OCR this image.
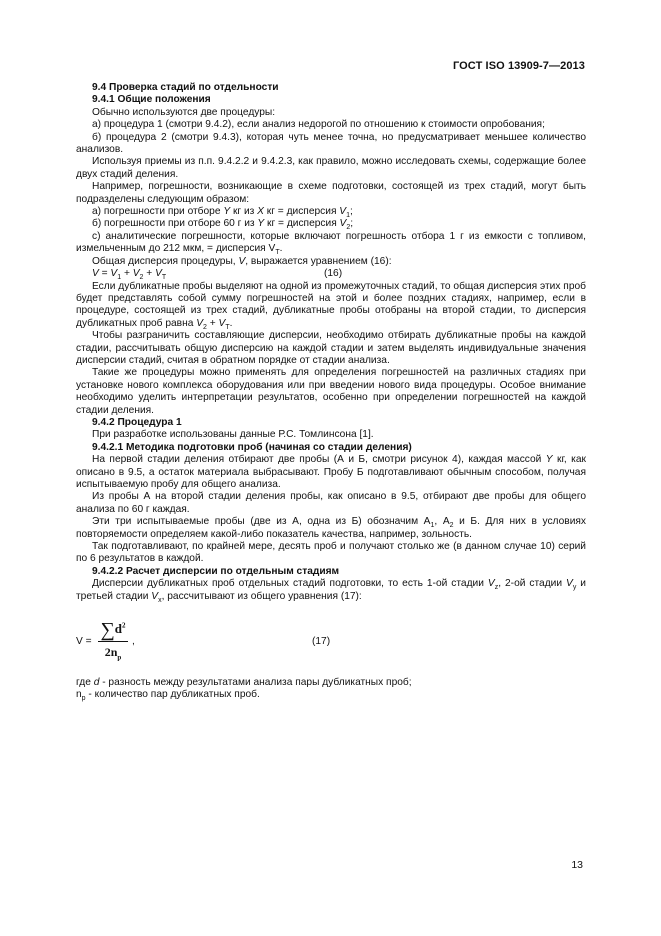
ГОСТ ISO 13909-7—2013

9.4 Проверка стадий по отдельности

9.4.1 Общие положения

Обычно используются две процедуры:

а) процедура 1 (смотри 9.4.2), если анализ недорогой по отношению к стоимости опробования;

б) процедура 2 (смотри 9.4.3), которая чуть менее точна, но предусматривает меньшее количество анализов.

Используя приемы из п.п. 9.4.2.2 и 9.4.2.3, как правило, можно исследовать схемы, содержащие более двух стадий деления.

Например, погрешности, возникающие в схеме подготовки, состоящей из трех стадий, могут быть подразделены следующим образом:

а) погрешности при отборе Y кг из X кг = дисперсия $V_1$;

б) погрешности при отборе 60 г из Y кг = дисперсия $V_2$;

с) аналитические погрешности, которые включают погрешность отбора 1 г из емкости с топливом, измельченным до 212 мкм, = дисперсия $V_T$.

Общая дисперсия процедуры, V, выражается уравнением (16):

$V = V_1 + V_2 + V_T$	(16)

Если дубликатные пробы выделяют на одной из промежуточных стадий, то общая дисперсия этих проб будет представлять собой сумму погрешностей на этой и более поздних стадиях, например, если в процедуре, состоящей из трех стадий, дубликатные пробы отобраны на второй стадии, то дисперсия дубликатных проб равна $V_2 + V_T$.

Чтобы разграничить составляющие дисперсии, необходимо отбирать дубликатные пробы на каждой стадии, рассчитывать общую дисперсию на каждой стадии и затем выделять индивидуальные значения дисперсии стадий, считая в обратном порядке от стадии анализа.

Такие же процедуры можно применять для определения погрешностей на различных стадиях при установке нового комплекса оборудования или при введении нового вида процедуры. Особое внимание необходимо уделить интерпретации результатов, особенно при определении погрешностей на каждой стадии деления.

9.4.2 Процедура 1

При разработке использованы данные Р.С. Томлинсона [1].

9.4.2.1 Методика подготовки проб (начиная со стадии деления)

На первой стадии деления отбирают две пробы (А и Б, смотри рисунок 4), каждая массой Y кг, как описано в 9.5, а остаток материала выбрасывают. Пробу Б подготавливают обычным способом, получая испытываемую пробу для общего анализа.

Из пробы А на второй стадии деления пробы, как описано в 9.5, отбирают две пробы для общего анализа по 60 г каждая.

Эти три испытываемые пробы (две из А, одна из Б) обозначим $А_1$, $А_2$ и Б. Для них в условиях повторяемости определяем какой-либо показатель качества, например, зольность.

Так подготавливают, по крайней мере, десять проб и получают столько же (в данном случае 10) серий по 6 результатов в каждой.

9.4.2.2 Расчет дисперсии по отдельным стадиям

Дисперсии дубликатных проб отдельных стадий подготовки, то есть 1-ой стадии $V_z$, 2-ой стадии $V_y$ и третьей стадии $V_x$, рассчитывают из общего уравнения (17):

V =
$\sum d^2$
$2n_p$
,	(17)

где d - разность между результатами анализа пары дубликатных проб;

$n_p$ - количество пар дубликатных проб.

13
